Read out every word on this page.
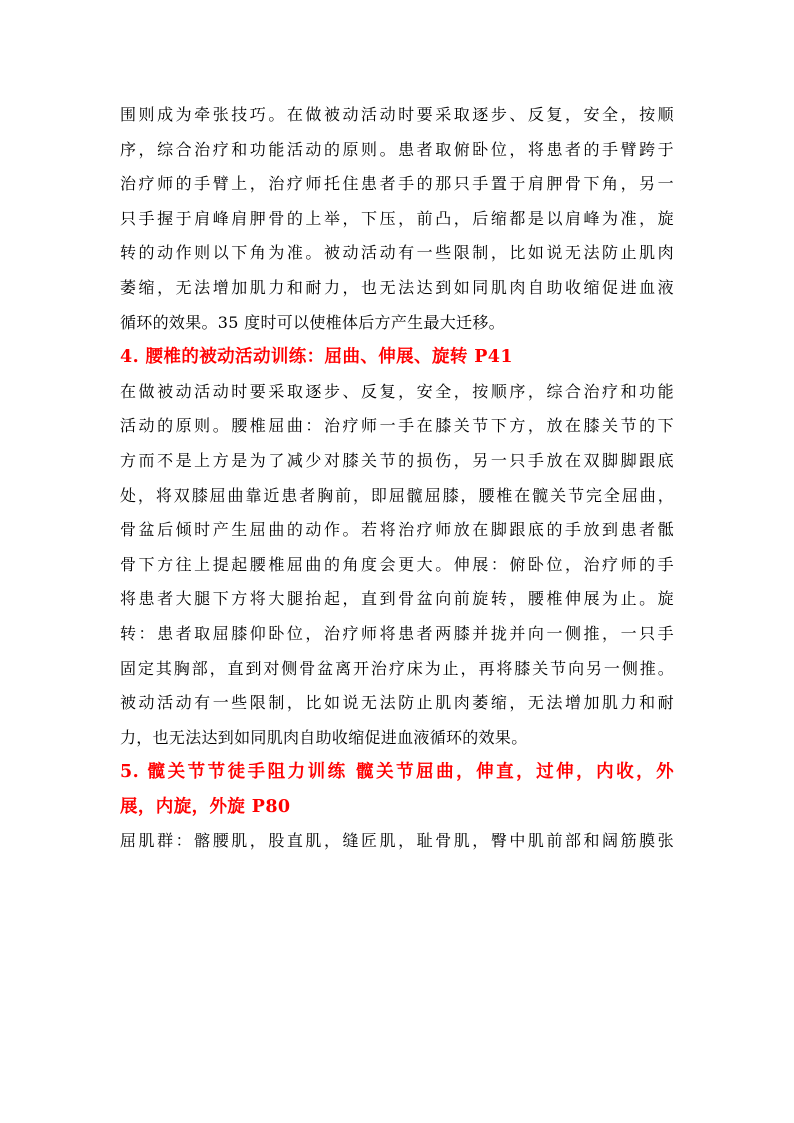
围则成为牵张技巧。在做被动活动时要采取逐步、反复，安全，按顺
序，综合治疗和功能活动的原则。患者取俯卧位，将患者的手臂跨于
治疗师的手臂上，治疗师托住患者手的那只手置于肩胛骨下角，另一
只手握于肩峰肩胛骨的上举，下压，前凸，后缩都是以肩峰为准，旋
转的动作则以下角为准。被动活动有一些限制，比如说无法防止肌肉
萎缩，无法增加肌力和耐力，也无法达到如同肌肉自助收缩促进血液
循环的效果。35 度时可以使椎体后方产生最大迁移。
4. 腰椎的被动活动训练：屈曲、伸展、旋转 P41
在做被动活动时要采取逐步、反复，安全，按顺序，综合治疗和功能
活动的原则。腰椎屈曲：治疗师一手在膝关节下方，放在膝关节的下
方而不是上方是为了减少对膝关节的损伤，另一只手放在双脚脚跟底
处，将双膝屈曲靠近患者胸前，即屈髋屈膝，腰椎在髋关节完全屈曲，
骨盆后倾时产生屈曲的动作。若将治疗师放在脚跟底的手放到患者骶
骨下方往上提起腰椎屈曲的角度会更大。伸展：俯卧位，治疗师的手
将患者大腿下方将大腿抬起，直到骨盆向前旋转，腰椎伸展为止。旋
转：患者取屈膝仰卧位，治疗师将患者两膝并拢并向一侧推，一只手
固定其胸部，直到对侧骨盆离开治疗床为止，再将膝关节向另一侧推。
被动活动有一些限制，比如说无法防止肌肉萎缩，无法增加肌力和耐
力，也无法达到如同肌肉自助收缩促进血液循环的效果。
5. 髋关节节徒手阻力训练 髋关节屈曲，伸直，过伸，内收，外
展，内旋，外旋 P80
屈肌群：髂腰肌，股直肌，缝匠肌，耻骨肌，臀中肌前部和阔筋膜张
